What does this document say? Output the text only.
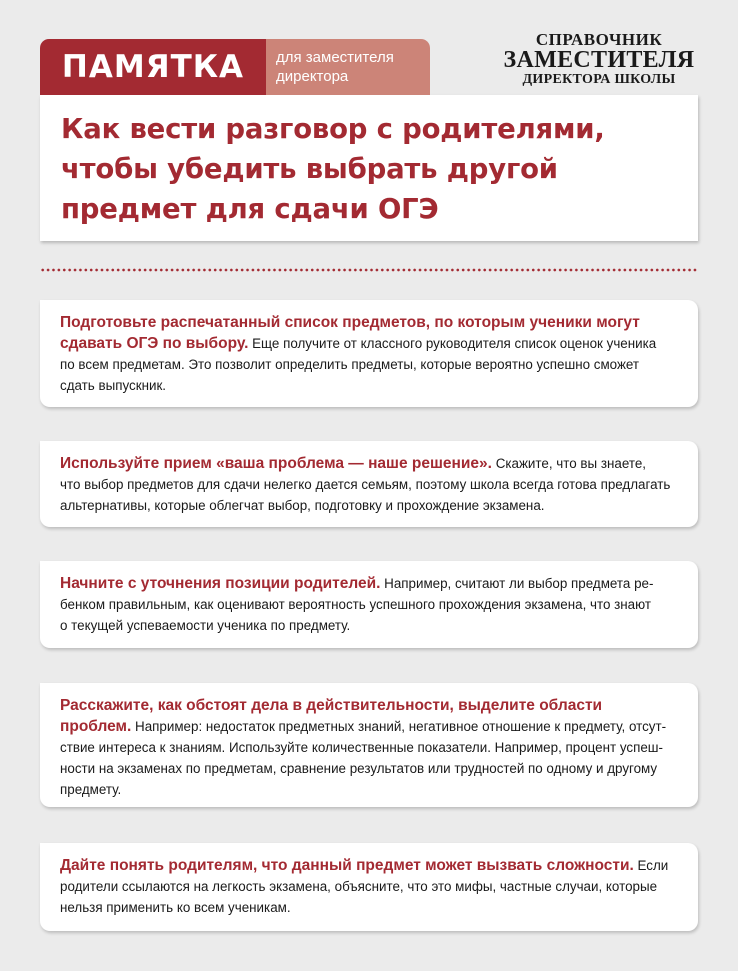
ПАМЯТКА для заместителя
директора
СПРАВОЧНИК
ЗАМЕСТИТЕЛЯ
ДИРЕКТОРА ШКОЛЫ
Как вести разговор с родителями,
чтобы убедить выбрать другой
предмет для сдачи ОГЭ

Подготовьте распечатанный список предметов, по которым ученики могут
сдавать ОГЭ по выбору. Еще получите от классного руководителя список оценок ученика
по всем предметам. Это позволит определить предметы, которые вероятно успешно сможет
сдать выпускник.

Используйте прием «ваша проблема — наше решение». Скажите, что вы знаете,
что выбор предметов для сдачи нелегко дается семьям, поэтому школа всегда готова предлагать
альтернативы, которые облегчат выбор, подготовку и прохождение экзамена.

Начните с уточнения позиции родителей. Например, считают ли выбор предмета ре-
бенком правильным, как оценивают вероятность успешного прохождения экзамена, что знают
о текущей успеваемости ученика по предмету.

Расскажите, как обстоят дела в действительности, выделите области
проблем. Например: недостаток предметных знаний, негативное отношение к предмету, отсут-
ствие интереса к знаниям. Используйте количественные показатели. Например, процент успеш-
ности на экзаменах по предметам, сравнение результатов или трудностей по одному и другому
предмету.

Дайте понять родителям, что данный предмет может вызвать сложности. Если
родители ссылаются на легкость экзамена, объясните, что это мифы, частные случаи, которые
нельзя применить ко всем ученикам.
